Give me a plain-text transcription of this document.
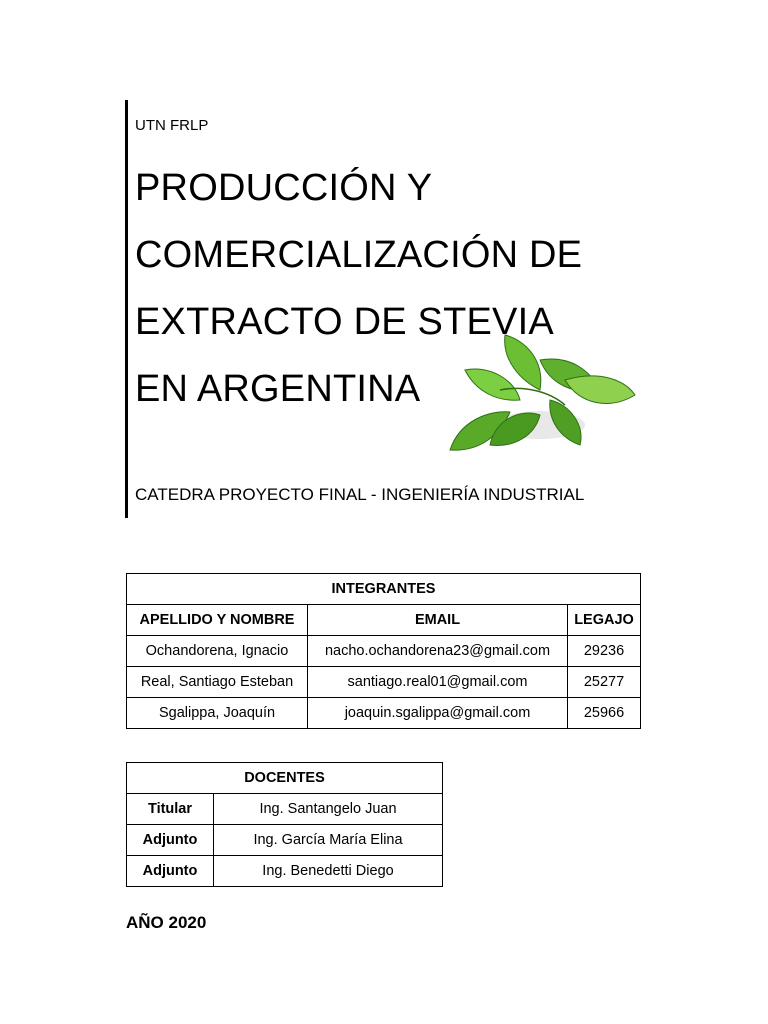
UTN FRLP
PRODUCCIÓN Y
COMERCIALIZACIÓN DE
EXTRACTO DE STEVIA
EN ARGENTINA
CATEDRA PROYECTO FINAL - INGENIERÍA INDUSTRIAL
INTEGRANTES		
APELLIDO Y NOMBRE	EMAIL	LEGAJO
Ochandorena, Ignacio	nacho.ochandorena23@gmail.com	29236
Real, Santiago Esteban	santiago.real01@gmail.com	25277
Sgalippa, Joaquín	joaquin.sgalippa@gmail.com	25966
DOCENTES	
Titular	Ing. Santangelo Juan
Adjunto	Ing. García María Elina
Adjunto	Ing. Benedetti Diego
AÑO 2020
